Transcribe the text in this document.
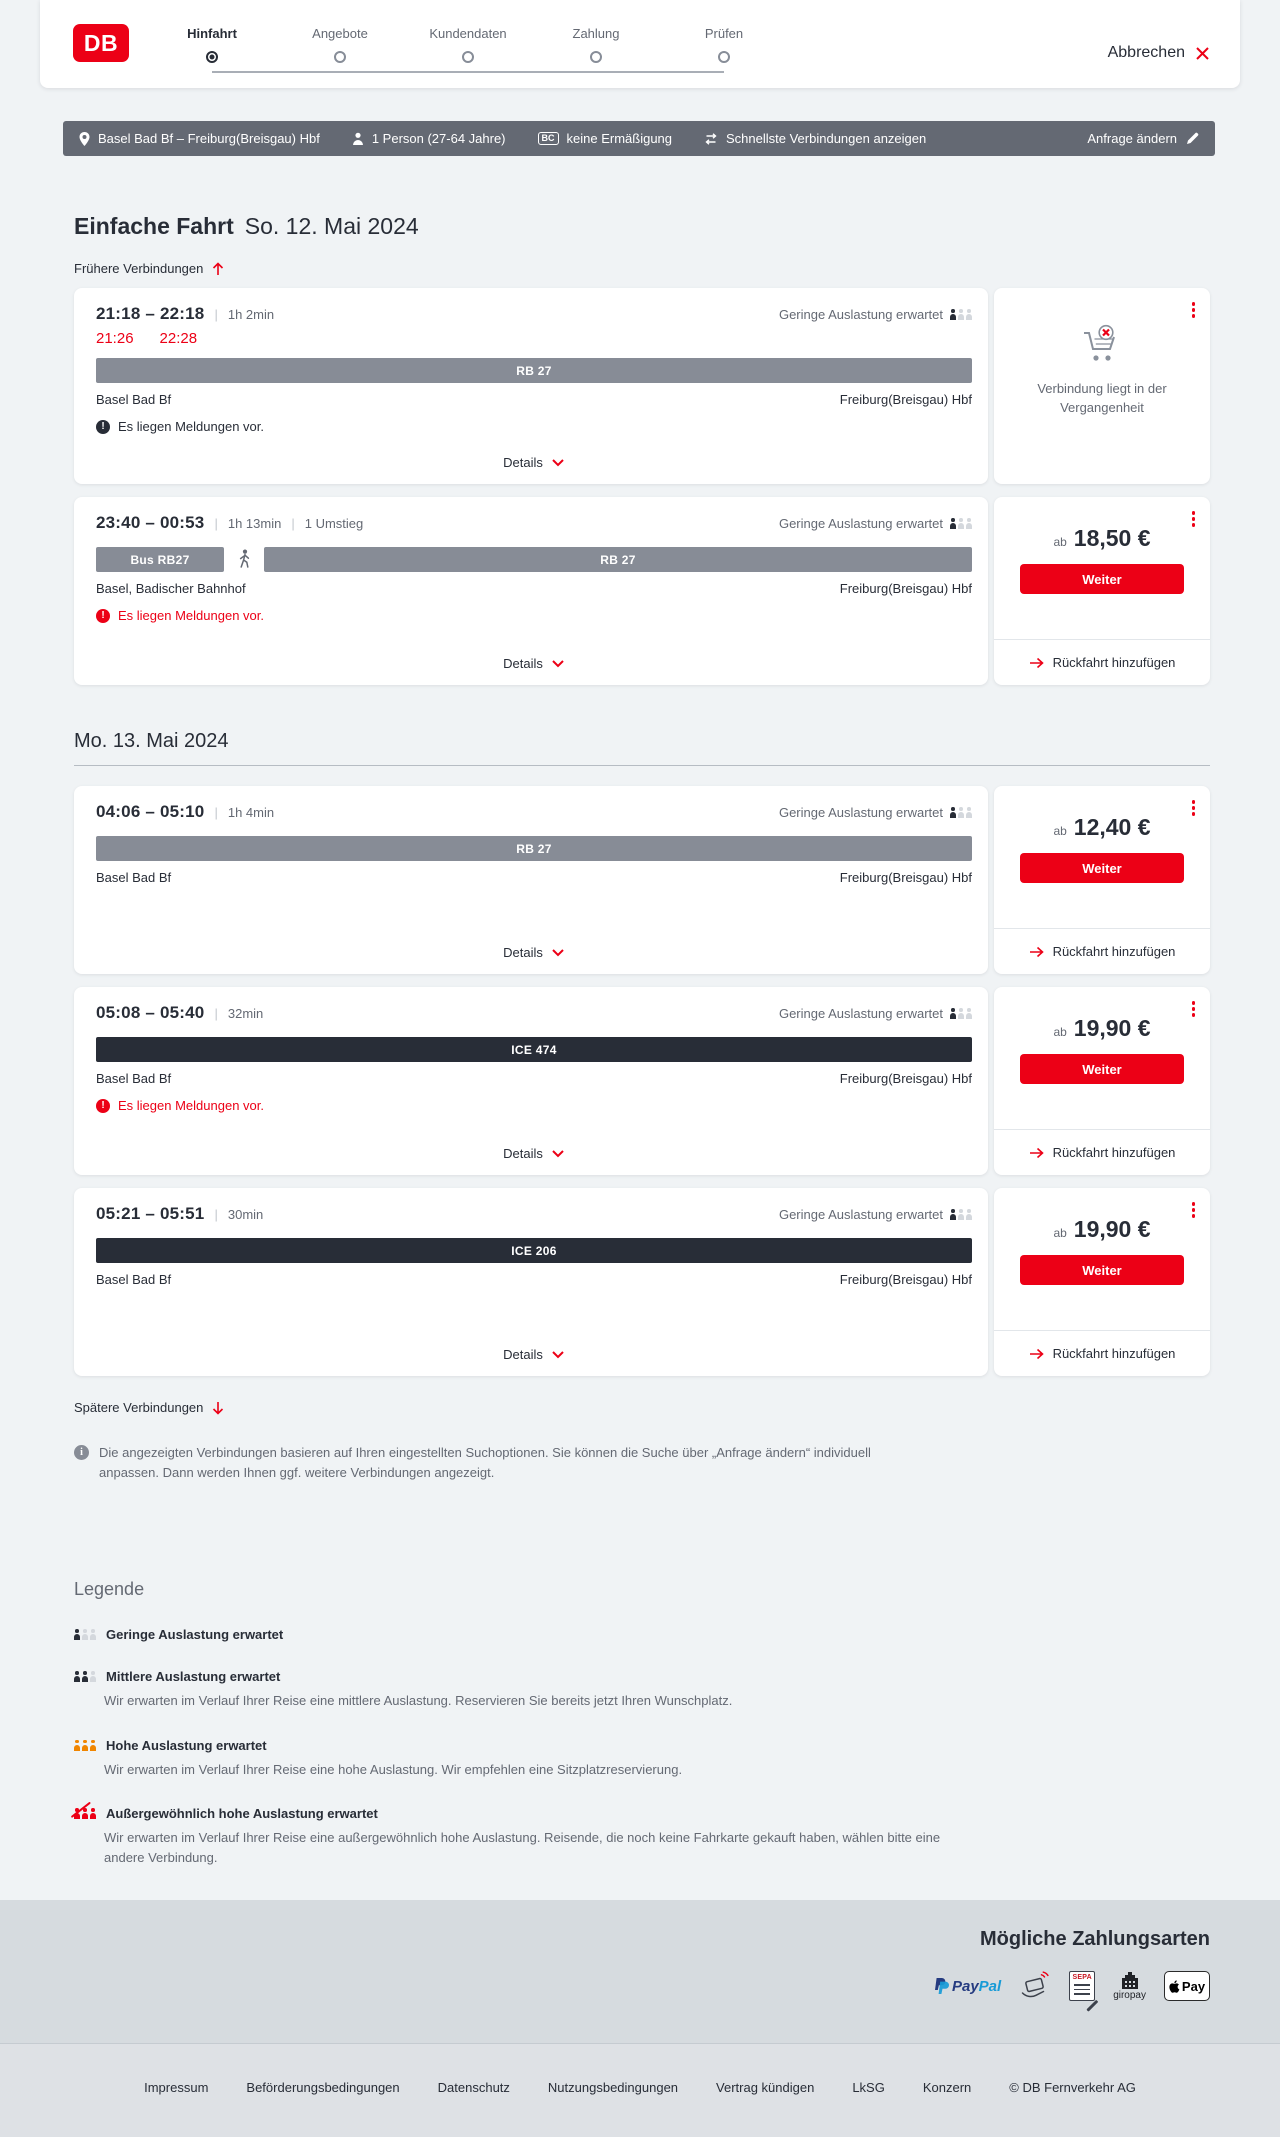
DB	Hinfahrt	Angebote	Kundendaten	Zahlung	Prüfen
Abbrechen
Basel Bad Bf – Freiburg(Breisgau) Hbf	1 Person (27-64 Jahre)	BC keine Ermäßigung	Schnellste Verbindungen anzeigen	Anfrage ändern
Einfache Fahrt So. 12. Mai 2024
Frühere Verbindungen
21:18 – 22:18 | 1h 2min	Geringe Auslastung erwartet
21:26 22:28
RB 27
Basel Bad Bf	Freiburg(Breisgau) Hbf
!
Es liegen Meldungen vor.
Details
Verbindung liegt in der Vergangenheit
23:40 – 00:53 | 1h 13min | 1 Umstieg	Geringe Auslastung erwartet
Bus RB27	RB 27
Basel, Badischer Bahnhof	Freiburg(Breisgau) Hbf
!
Es liegen Meldungen vor.
Details
ab 18,50 €
Weiter
Rückfahrt hinzufügen
Mo. 13. Mai 2024
04:06 – 05:10 | 1h 4min	Geringe Auslastung erwartet
RB 27
Basel Bad Bf	Freiburg(Breisgau) Hbf
Details
ab 12,40 €
Weiter
Rückfahrt hinzufügen
05:08 – 05:40 | 32min	Geringe Auslastung erwartet
ICE 474
Basel Bad Bf	Freiburg(Breisgau) Hbf
!
Es liegen Meldungen vor.
Details
ab 19,90 €
Weiter
Rückfahrt hinzufügen
05:21 – 05:51 | 30min	Geringe Auslastung erwartet
ICE 206
Basel Bad Bf	Freiburg(Breisgau) Hbf
Details
ab 19,90 €
Weiter
Rückfahrt hinzufügen
Spätere Verbindungen
i

Die angezeigten Verbindungen basieren auf Ihren eingestellten Suchoptionen. Sie können die Suche über „Anfrage ändern“ individuell anpassen. Dann werden Ihnen ggf. weitere Verbindungen angezeigt.

Legende
Geringe Auslastung erwartet
Mittlere Auslastung erwartet

Wir erwarten im Verlauf Ihrer Reise eine mittlere Auslastung. Reservieren Sie bereits jetzt Ihren Wunschplatz.

Hohe Auslastung erwartet

Wir erwarten im Verlauf Ihrer Reise eine hohe Auslastung. Wir empfehlen eine Sitzplatzreservierung.

Außergewöhnlich hohe Auslastung erwartet

Wir erwarten im Verlauf Ihrer Reise eine außergewöhnlich hohe Auslastung. Reisende, die noch keine Fahrkarte gekauft haben, wählen bitte eine andere Verbindung.

Mögliche Zahlungsarten
PayPal	SEPA
giropay
Pay
Impressum	Beförderungsbedingungen	Datenschutz	Nutzungsbedingungen	Vertrag kündigen	LkSG	Konzern	© DB Fernverkehr AG
